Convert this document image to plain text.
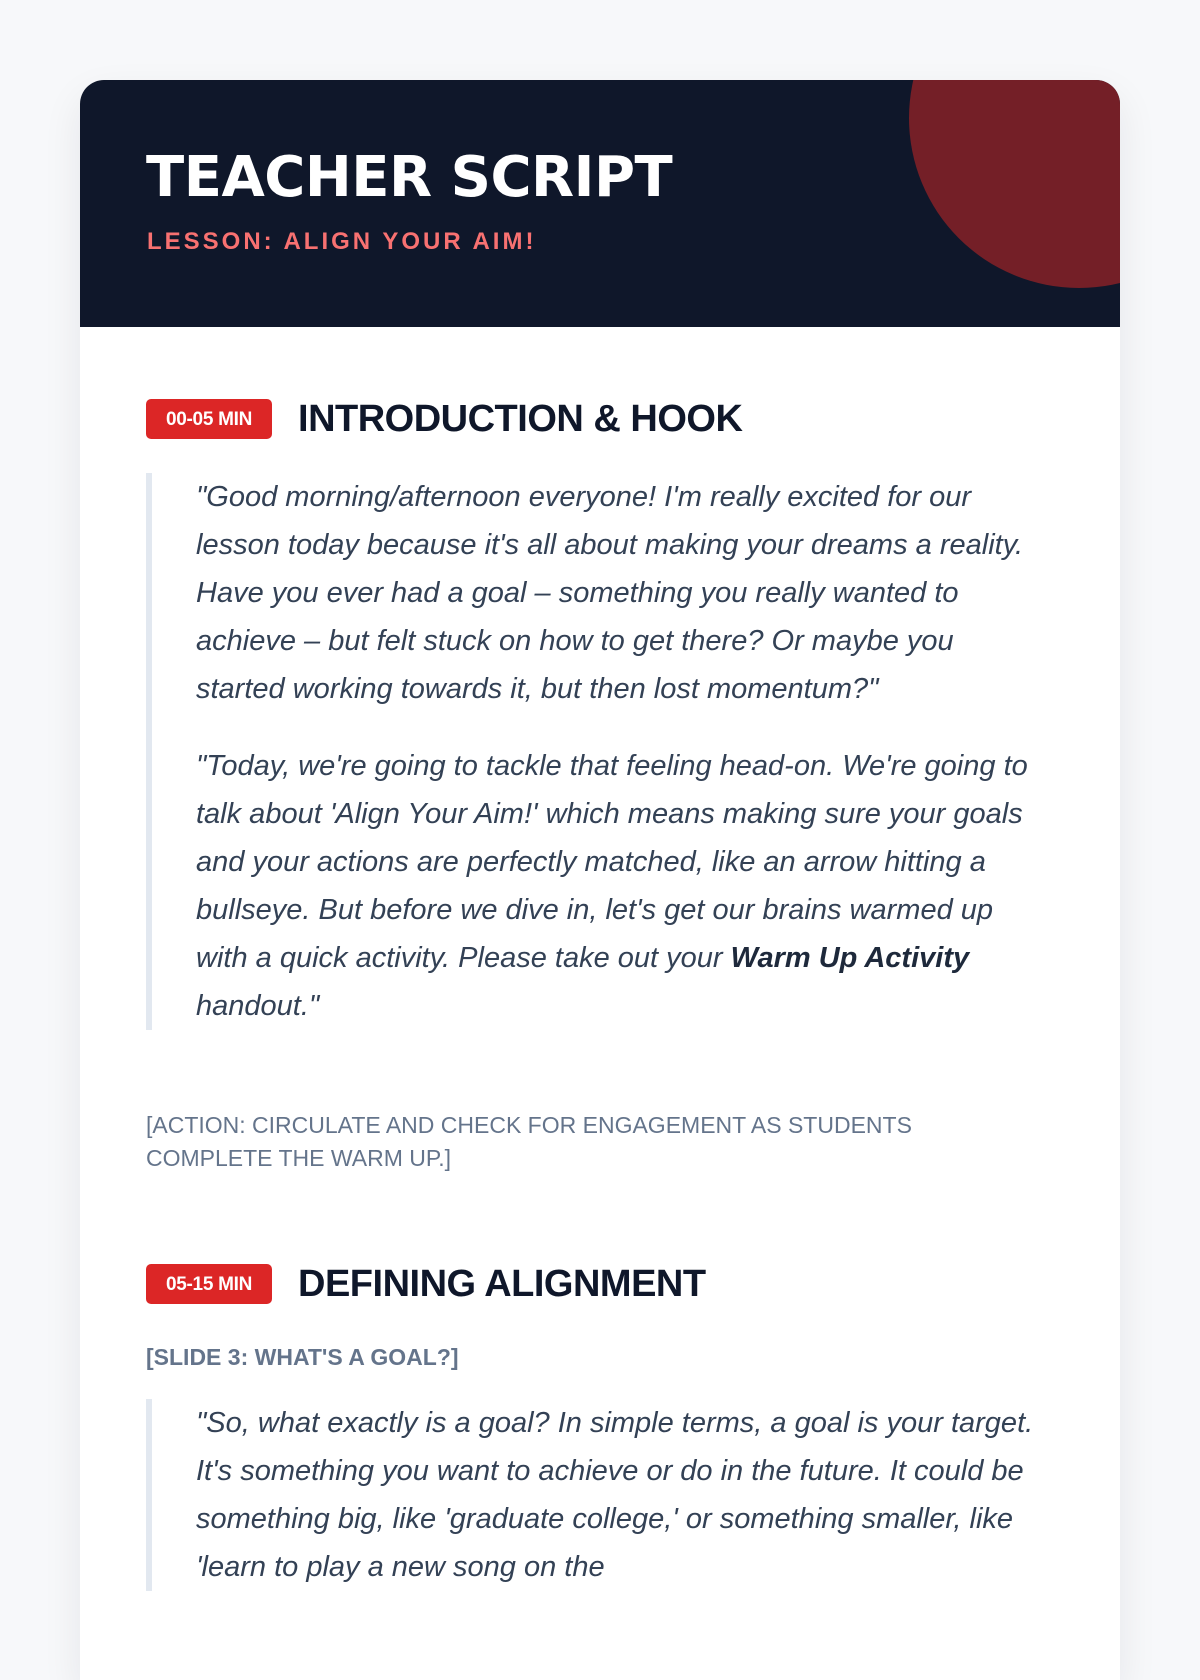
TEACHER SCRIPT
LESSON: ALIGN YOUR AIM!
00-05 MIN	INTRODUCTION & HOOK

"Good morning/afternoon everyone! I'm really excited for our lesson today because it's all about making your dreams a reality. Have you ever had a goal – something you really wanted to achieve – but felt stuck on how to get there? Or maybe you started working towards it, but then lost momentum?"

"Today, we're going to tackle that feeling head-on. We're going to talk about 'Align Your Aim!' which means making sure your goals and your actions are perfectly matched, like an arrow hitting a bullseye. But before we dive in, let's get our brains warmed up with a quick activity. Please take out your Warm Up Activity handout."

[ACTION: CIRCULATE AND CHECK FOR ENGAGEMENT AS STUDENTS COMPLETE THE WARM UP.]

05-15 MIN	DEFINING ALIGNMENT

[SLIDE 3: WHAT'S A GOAL?]

"So, what exactly is a goal? In simple terms, a goal is your target. It's something you want to achieve or do in the future. It could be something big, like 'graduate college,' or something smaller, like 'learn to play a new song on the
